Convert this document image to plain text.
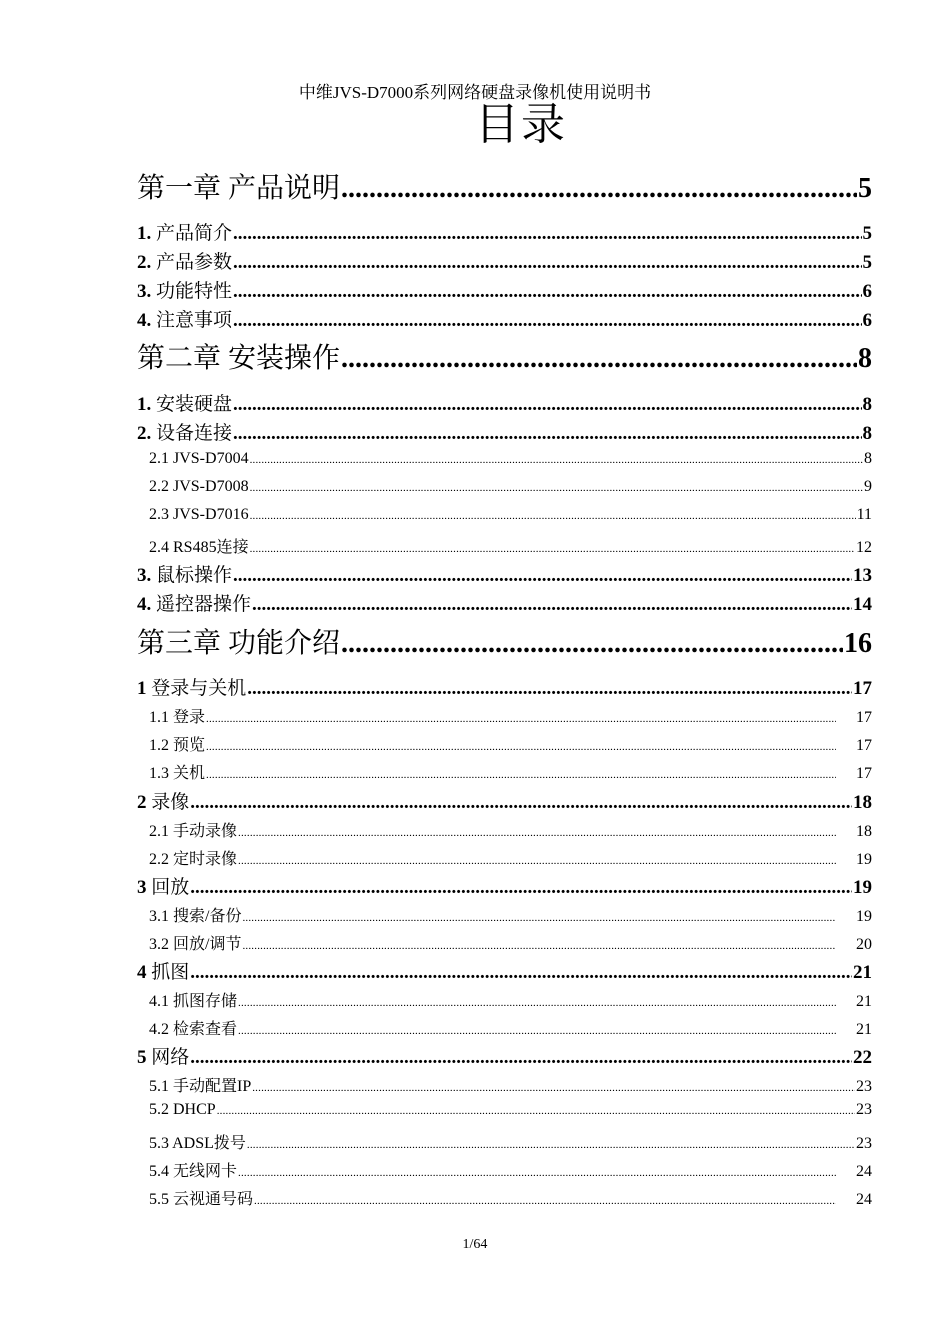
中维JVS-D7000系列网络硬盘录像机使用说明书
目录
第一章 产品说明 .....	5
1. 产品简介 .....	5
2. 产品参数 .....	5
3. 功能特性 .....	6
4. 注意事项 .....	6
第二章 安装操作 .....	8
1. 安装硬盘 .....	8
2. 设备连接 .....	8
2.1 JVS-D7004 .....	8
2.2 JVS-D7008 .....	9
2.3 JVS-D7016 .....	11
2.4 RS485连接 .....	12
3. 鼠标操作 .....	13
4. 遥控器操作 .....	14
第三章 功能介绍 .....	16
1 登录与关机 .....	17
1.1 登录 .....	17
1.2 预览 .....	17
1.3 关机 .....	17
2 录像 .....	18
2.1 手动录像 .....	18
2.2 定时录像 .....	19
3 回放 .....	19
3.1 搜索/备份 .....	19
3.2 回放/调节 .....	20
4 抓图 .....	21
4.1 抓图存储 .....	21
4.2 检索查看 .....	21
5 网络 .....	22
5.1 手动配置IP .....	23
5.2 DHCP .....	23
5.3 ADSL拨号 .....	23
5.4 无线网卡 .....	24
5.5 云视通号码 .....	24
1/64
